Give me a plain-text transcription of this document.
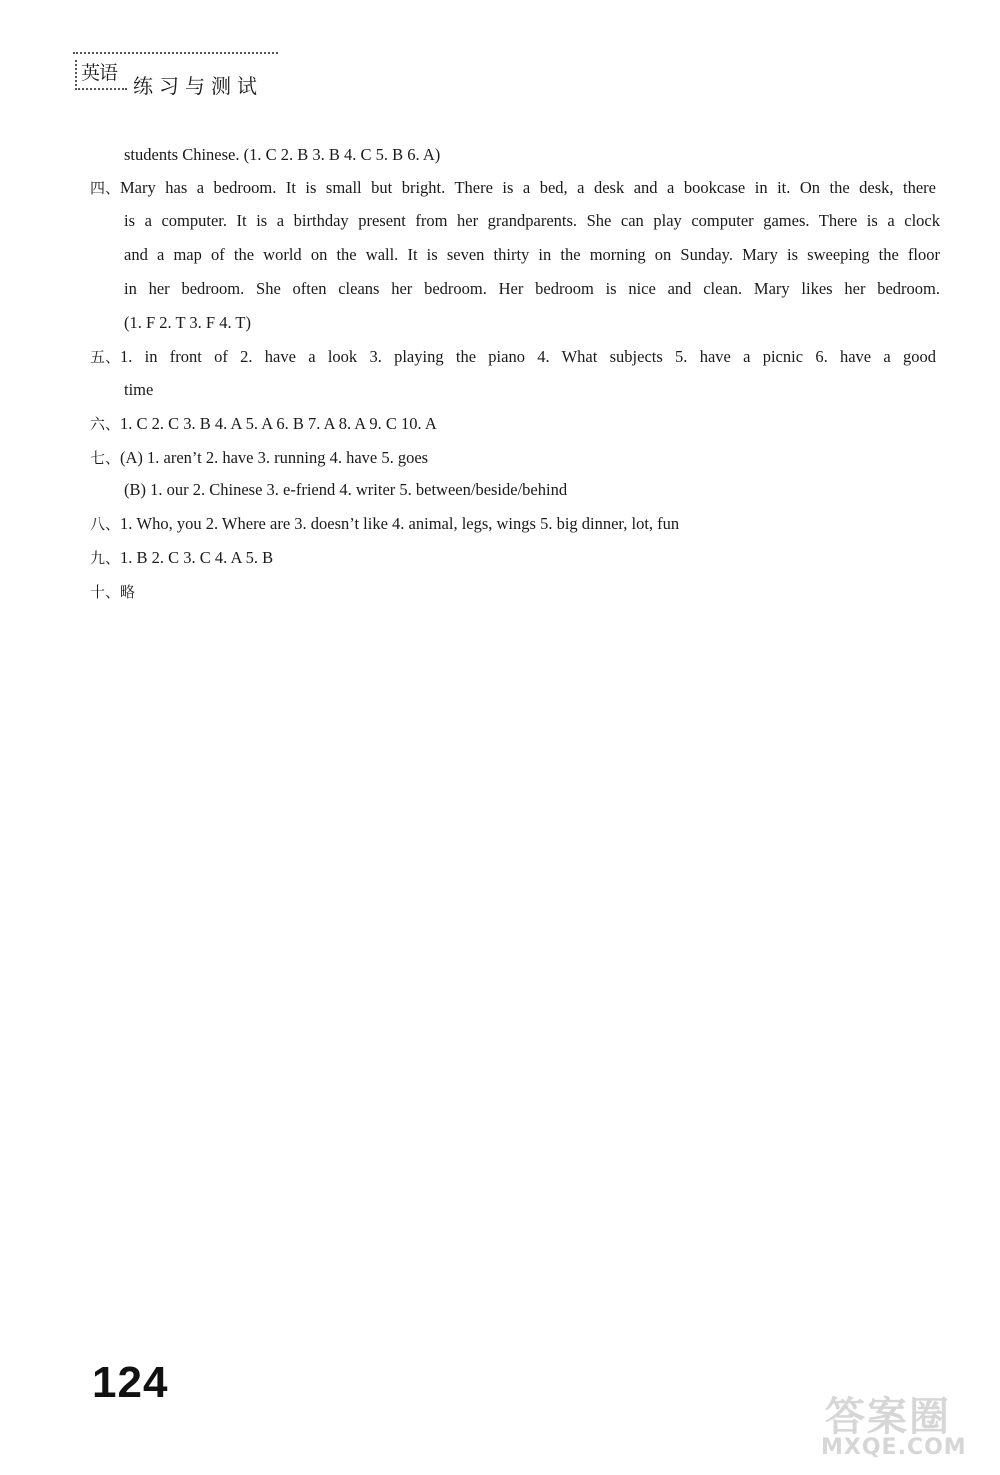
英语
练习与测试
students Chinese. (1. C 2. B 3. B 4. C 5. B 6. A)
四、Mary has a bedroom. It is small but bright. There is a bed, a desk and a bookcase in it. On the desk, there
is a computer. It is a birthday present from her grandparents. She can play computer games. There is a clock
and a map of the world on the wall. It is seven thirty in the morning on Sunday. Mary is sweeping the floor
in her bedroom. She often cleans her bedroom. Her bedroom is nice and clean. Mary likes her bedroom.
(1. F 2. T 3. F 4. T)
五、1. in front of 2. have a look 3. playing the piano 4. What subjects 5. have a picnic 6. have a good
time
六、1. C 2. C 3. B 4. A 5. A 6. B 7. A 8. A 9. C 10. A
七、(A) 1. aren’t 2. have 3. running 4. have 5. goes
(B) 1. our 2. Chinese 3. e-friend 4. writer 5. between/beside/behind
八、1. Who, you 2. Where are 3. doesn’t like 4. animal, legs, wings 5. big dinner, lot, fun
九、1. B 2. C 3. C 4. A 5. B
十、略
124
答案圈
MXQE.COM
